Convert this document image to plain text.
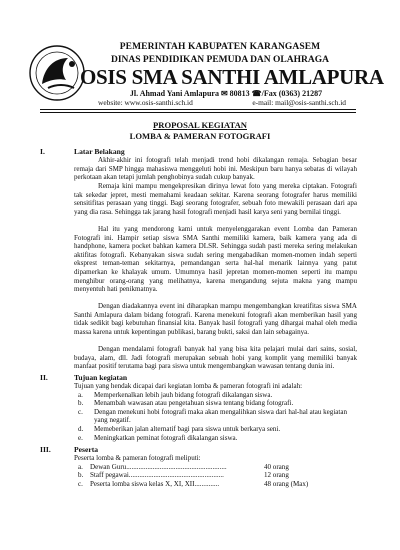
PEMERINTAH KABUPATEN KARANGASEM
DINAS PENDIDIKAN PEMUDA DAN OLAHRAGA
OSIS SMA SANTHI AMLAPURA
Jl. Ahmad Yani Amlapura ✉ 80813 ☎/Fax (0363) 21287
website: www.osis-santhi.sch.id	e-mail: mail@osis-santhi.sch.id
PROPOSAL KEGIATAN
LOMBA & PAMERAN FOTOGRAFI
I.	Latar Belakang
Akhir-akhir ini fotografi telah menjadi trend hobi dikalangan remaja. Sebagian besar remaja dari SMP hingga mahasiswa menggeluti hobi ini. Meskipun baru hanya sebatas di wilayah perkotaan akan tetapi jumlah penghobinya sudah cukup banyak.
Remaja kini mampu mengekpresikan dirinya lewat foto yang mereka ciptakan. Fotografi tak sekedar jepret, mesti memahami keadaan sekitar. Karena seorang fotografer harus memiliki sensitifitas perasaan yang tinggi. Bagi seorang fotografer, sebuah foto mewakili perasaan dari apa yang dia rasa. Sehingga tak jarang hasil fotografi menjadi hasil karya seni yang bernilai tinggi.
Hal itu yang mendorong kami untuk menyelenggarakan event Lomba dan Pameran Fotografi ini. Hampir setiap siswa SMA Santhi memiliki kamera, baik kamera yang ada di handphone, kamera pocket bahkan kamera DLSR. Sehingga sudah pasti mereka sering melakukan aktifitas fotografi. Kebanyakan siswa sudah sering mengabadikan momen-momen indah seperti eksprest teman-teman sekitarnya, pemandangan serta hal-hal menarik lainnya yang patut dipamerkan ke khalayak umum. Umumnya hasil jepretan momen-momen seperti itu mampu menghibur orang-orang yang melihatnya, karena mengandung sejuta makna yang mampu menyentuh hati penikmatnya.
Dengan diadakannya event ini diharapkan mampu mengembangkan kreatifitas siswa SMA Santhi Amlapura dalam bidang fotografi. Karena menekuni fotografi akan memberikan hasil yang tidak sedikit bagi kebutuhan finansial kita. Banyak hasil fotografi yang dihargai mahal oleh media massa karena untuk kepentingan publikasi, barang bukti, saksi dan lain sebagainya.
Dengan mendalami fotografi banyak hal yang bisa kita pelajari mulai dari sains, sosial, budaya, alam, dll. Jadi fotografi merupakan sebuah hobi yang komplit yang memiliki banyak manfaat positif terutama bagi para siswa untuk mengembangkan wawasan tentang dunia ini.
II.	Tujuan kegiatan
Tujuan yang hendak dicapai dari kegiatan lomba & pameran fotografi ini adalah:
a.	Memperkenalkan lebih jauh bidang fotografi dikalangan siswa.
b.	Menambah wawasan atau pengetahuan siswa tentang bidang fotografi.
c.	Dengan menekuni hobi fotografi maka akan mengalihkan siswa dari hal-hal atau kegiatan yang negatif.
d.	Memeberikan jalan alternatif bagi para siswa untuk berkarya seni.
e.	Meningkatkan peminat fotografi dikalangan siswa.
III.	Peserta
Peserta lomba & pameran fotografi meliputi:
a.	Dewan Guru.........................................................	40 orang
b. Staff pegawai......................................................	12 orang
c.	Peserta lomba siswa kelas X, XI, XII..............	48 orang (Max)
